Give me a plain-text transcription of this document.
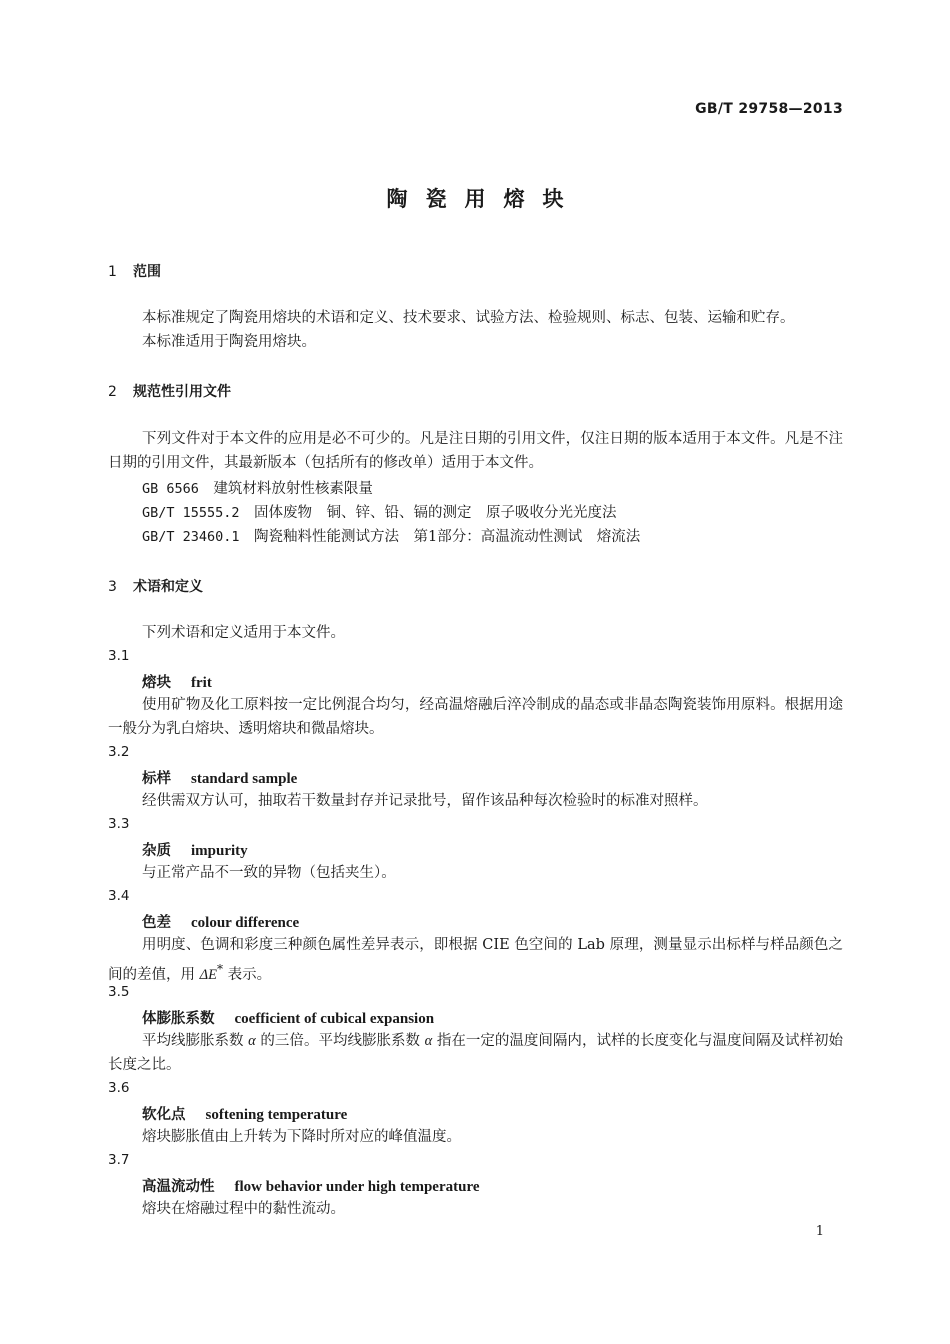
GB/T 29758—2013
陶瓷用熔块
1 范围
本标准规定了陶瓷用熔块的术语和定义、技术要求、试验方法、检验规则、标志、包装、运输和贮存。
本标准适用于陶瓷用熔块。
2 规范性引用文件
下列文件对于本文件的应用是必不可少的。凡是注日期的引用文件，仅注日期的版本适用于本文件。凡是不注日期的引用文件，其最新版本（包括所有的修改单）适用于本文件。
GB 6566　 建筑材料放射性核素限量
GB/T 15555.2　 固体废物　铜、锌、铅、镉的测定　原子吸收分光光度法
GB/T 23460.1　 陶瓷釉料性能测试方法　第1部分：高温流动性测试　熔流法
3 术语和定义
下列术语和定义适用于本文件。
3.1
熔块 frit
使用矿物及化工原料按一定比例混合均匀，经高温熔融后淬冷制成的晶态或非晶态陶瓷装饰用原料。根据用途一般分为乳白熔块、透明熔块和微晶熔块。
3.2
标样 standard sample
经供需双方认可，抽取若干数量封存并记录批号，留作该品种每次检验时的标准对照样。
3.3
杂质 impurity
与正常产品不一致的异物（包括夹生）。
3.4
色差 colour difference
用明度、色调和彩度三种颜色属性差异表示，即根据 CIE 色空间的 Lab 原理，测量显示出标样与样品颜色之间的差值，用 ΔE* 表示。
3.5
体膨胀系数 coefficient of cubical expansion
平均线膨胀系数 α 的三倍。平均线膨胀系数 α 指在一定的温度间隔内，试样的长度变化与温度间隔及试样初始长度之比。
3.6
软化点 softening temperature
熔块膨胀值由上升转为下降时所对应的峰值温度。
3.7
高温流动性 flow behavior under high temperature
熔块在熔融过程中的黏性流动。
1
